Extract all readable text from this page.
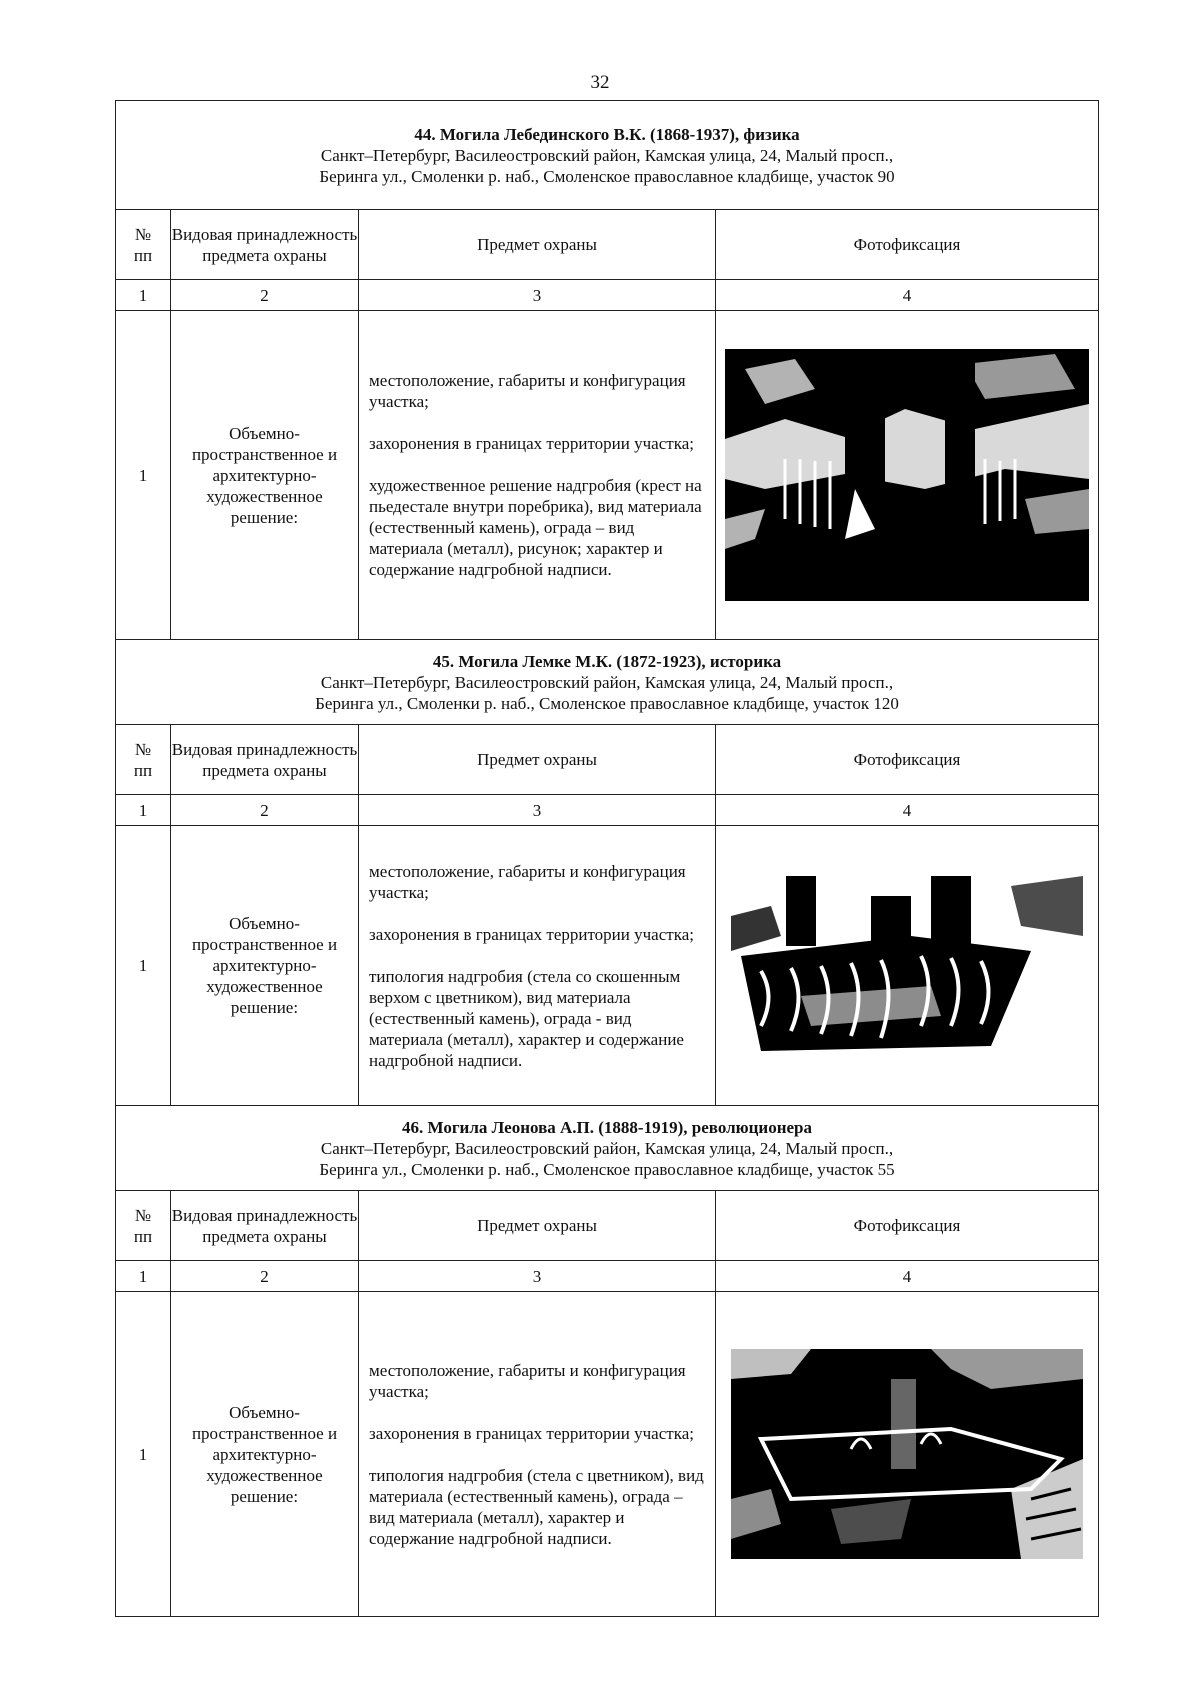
32
44. Могила Лебединского В.К. (1868-1937), физика
Санкт–Петербург, Василеостровский район, Камская улица, 24, Малый просп.,
Беринга ул., Смоленки р. наб., Смоленское православное кладбище, участок 90			

№
пп	Видовая принадлежность предмета охраны	Предмет охраны	Фотофиксация
1	2	3	4
1	Объемно-пространственное и архитектурно-художественное решение:	местоположение, габариты и конфигурация участка;

захоронения в границах территории участка;

художественное решение надгробия (крест на пьедестале внутри поребрика), вид материала (естественный камень), ограда – вид материала (металл), рисунок; характер и содержание надгробной надписи.

45. Могила Лемке М.К. (1872-1923), историка
Санкт–Петербург, Василеостровский район, Камская улица, 24, Малый просп.,
Беринга ул., Смоленки р. наб., Смоленское православное кладбище, участок 120			

№
пп	Видовая принадлежность предмета охраны	Предмет охраны	Фотофиксация
1	2	3	4
1	Объемно-пространственное и архитектурно-художественное решение:	местоположение, габариты и конфигурация участка;

захоронения в границах территории участка;

типология надгробия (стела со скошенным верхом с цветником), вид материала (естественный камень), ограда - вид материала (металл), характер и содержание надгробной надписи.

46. Могила Леонова А.П. (1888-1919), революционера
Санкт–Петербург, Василеостровский район, Камская улица, 24, Малый просп.,
Беринга ул., Смоленки р. наб., Смоленское православное кладбище, участок 55			

№
пп	Видовая принадлежность предмета охраны	Предмет охраны	Фотофиксация
1	2	3	4
1	Объемно-пространственное и архитектурно-художественное решение:	местоположение, габариты и конфигурация участка;

захоронения в границах территории участка;

типология надгробия (стела с цветником), вид материала (естественный камень), ограда – вид материала (металл), характер и содержание надгробной надписи.
